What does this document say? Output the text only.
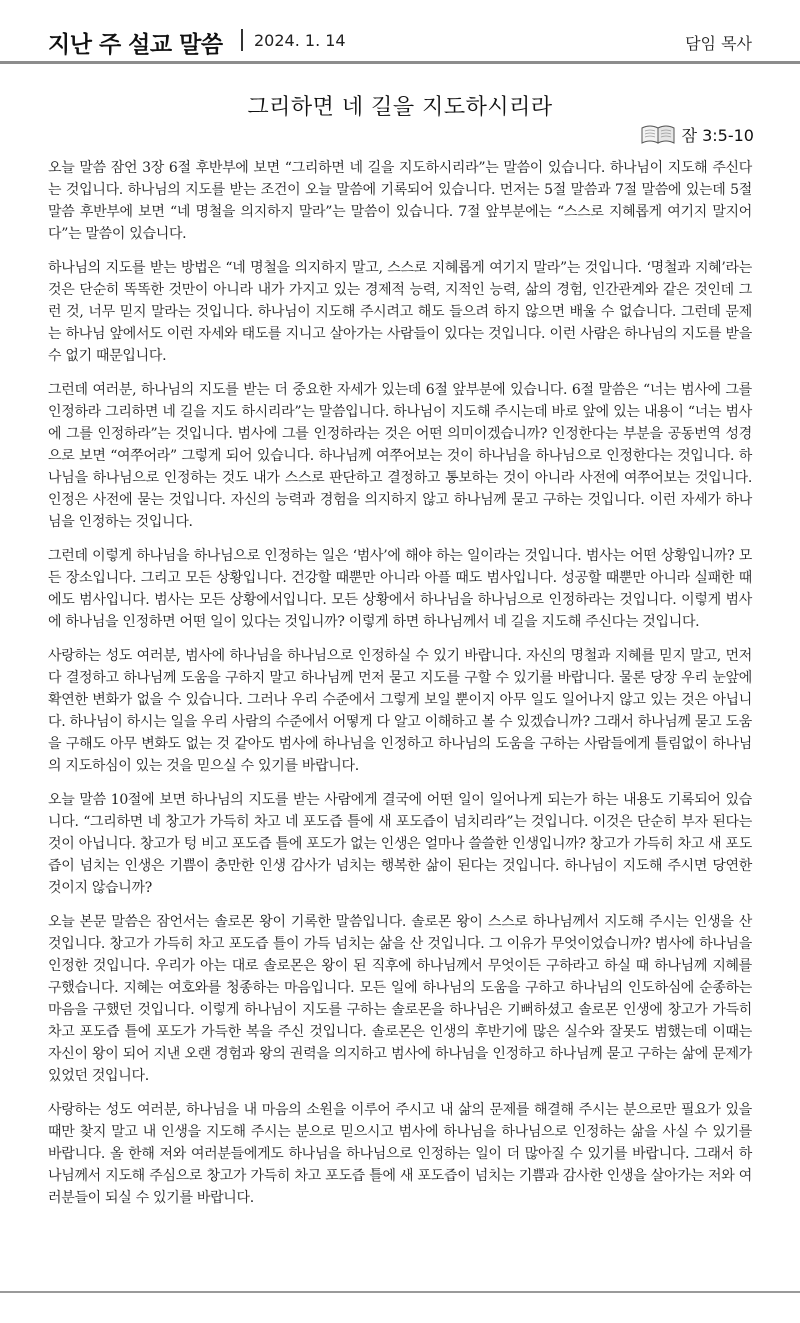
지난 주 설교 말씀 2024. 1. 14	담임 목사
그리하면 네 길을 지도하시리라
잠 3:5-10

오늘 말씀 잠언 3장 6절 후반부에 보면 “그리하면 네 길을 지도하시리라”는 말씀이 있습니다. 하나님이 지도해 주신다는 것입니다. 하나님의 지도를 받는 조건이 오늘 말씀에 기록되어 있습니다. 먼저는 5절 말씀과 7절 말씀에 있는데 5절 말씀 후반부에 보면 “네 명철을 의지하지 말라”는 말씀이 있습니다. 7절 앞부분에는 “스스로 지혜롭게 여기지 말지어다”는 말씀이 있습니다.

하나님의 지도를 받는 방법은 “네 명철을 의지하지 말고, 스스로 지혜롭게 여기지 말라”는 것입니다. ‘명철과 지혜’라는 것은 단순히 똑똑한 것만이 아니라 내가 가지고 있는 경제적 능력, 지적인 능력, 삶의 경험, 인간관계와 같은 것인데 그런 것, 너무 믿지 말라는 것입니다. 하나님이 지도해 주시려고 해도 들으려 하지 않으면 배울 수 없습니다. 그런데 문제는 하나님 앞에서도 이런 자세와 태도를 지니고 살아가는 사람들이 있다는 것입니다. 이런 사람은 하나님의 지도를 받을 수 없기 때문입니다.

그런데 여러분, 하나님의 지도를 받는 더 중요한 자세가 있는데 6절 앞부분에 있습니다. 6절 말씀은 “너는 범사에 그를 인정하라 그리하면 네 길을 지도 하시리라”는 말씀입니다. 하나님이 지도해 주시는데 바로 앞에 있는 내용이 “너는 범사에 그를 인정하라”는 것입니다. 범사에 그를 인정하라는 것은 어떤 의미이겠습니까? 인정한다는 부분을 공동번역 성경으로 보면 “여쭈어라” 그렇게 되어 있습니다. 하나님께 여쭈어보는 것이 하나님을 하나님으로 인정한다는 것입니다. 하나님을 하나님으로 인정하는 것도 내가 스스로 판단하고 결정하고 통보하는 것이 아니라 사전에 여쭈어보는 것입니다. 인정은 사전에 묻는 것입니다. 자신의 능력과 경험을 의지하지 않고 하나님께 묻고 구하는 것입니다. 이런 자세가 하나님을 인정하는 것입니다.

그런데 이렇게 하나님을 하나님으로 인정하는 일은 ‘범사’에 해야 하는 일이라는 것입니다. 범사는 어떤 상황입니까? 모든 장소입니다. 그리고 모든 상황입니다. 건강할 때뿐만 아니라 아플 때도 범사입니다. 성공할 때뿐만 아니라 실패한 때에도 범사입니다. 범사는 모든 상황에서입니다. 모든 상황에서 하나님을 하나님으로 인정하라는 것입니다. 이렇게 범사에 하나님을 인정하면 어떤 일이 있다는 것입니까? 이렇게 하면 하나님께서 네 길을 지도해 주신다는 것입니다.

사랑하는 성도 여러분, 범사에 하나님을 하나님으로 인정하실 수 있기 바랍니다. 자신의 명철과 지혜를 믿지 말고, 먼저 다 결정하고 하나님께 도움을 구하지 말고 하나님께 먼저 묻고 지도를 구할 수 있기를 바랍니다. 물론 당장 우리 눈앞에 확연한 변화가 없을 수 있습니다. 그러나 우리 수준에서 그렇게 보일 뿐이지 아무 일도 일어나지 않고 있는 것은 아닙니다. 하나님이 하시는 일을 우리 사람의 수준에서 어떻게 다 알고 이해하고 볼 수 있겠습니까? 그래서 하나님께 묻고 도움을 구해도 아무 변화도 없는 것 같아도 범사에 하나님을 인정하고 하나님의 도움을 구하는 사람들에게 틀림없이 하나님의 지도하심이 있는 것을 믿으실 수 있기를 바랍니다.

오늘 말씀 10절에 보면 하나님의 지도를 받는 사람에게 결국에 어떤 일이 일어나게 되는가 하는 내용도 기록되어 있습니다. “그리하면 네 창고가 가득히 차고 네 포도즙 틀에 새 포도즙이 넘치리라”는 것입니다. 이것은 단순히 부자 된다는 것이 아닙니다. 창고가 텅 비고 포도즙 틀에 포도가 없는 인생은 얼마나 쓸쓸한 인생입니까? 창고가 가득히 차고 새 포도즙이 넘치는 인생은 기쁨이 충만한 인생 감사가 넘치는 행복한 삶이 된다는 것입니다. 하나님이 지도해 주시면 당연한 것이지 않습니까?

오늘 본문 말씀은 잠언서는 솔로몬 왕이 기록한 말씀입니다. 솔로몬 왕이 스스로 하나님께서 지도해 주시는 인생을 산 것입니다. 창고가 가득히 차고 포도즙 틀이 가득 넘치는 삶을 산 것입니다. 그 이유가 무엇이었습니까? 범사에 하나님을 인정한 것입니다. 우리가 아는 대로 솔로몬은 왕이 된 직후에 하나님께서 무엇이든 구하라고 하실 때 하나님께 지혜를 구했습니다. 지혜는 여호와를 청종하는 마음입니다. 모든 일에 하나님의 도움을 구하고 하나님의 인도하심에 순종하는 마음을 구했던 것입니다. 이렇게 하나님이 지도를 구하는 솔로몬을 하나님은 기뻐하셨고 솔로몬 인생에 창고가 가득히 차고 포도즙 틀에 포도가 가득한 복을 주신 것입니다. 솔로몬은 인생의 후반기에 많은 실수와 잘못도 범했는데 이때는 자신이 왕이 되어 지낸 오랜 경험과 왕의 권력을 의지하고 범사에 하나님을 인정하고 하나님께 묻고 구하는 삶에 문제가 있었던 것입니다.

사랑하는 성도 여러분, 하나님을 내 마음의 소원을 이루어 주시고 내 삶의 문제를 해결해 주시는 분으로만 필요가 있을 때만 찾지 말고 내 인생을 지도해 주시는 분으로 믿으시고 범사에 하나님을 하나님으로 인정하는 삶을 사실 수 있기를 바랍니다. 올 한해 저와 여러분들에게도 하나님을 하나님으로 인정하는 일이 더 많아질 수 있기를 바랍니다. 그래서 하나님께서 지도해 주심으로 창고가 가득히 차고 포도즙 틀에 새 포도즙이 넘치는 기쁨과 감사한 인생을 살아가는 저와 여러분들이 되실 수 있기를 바랍니다.
